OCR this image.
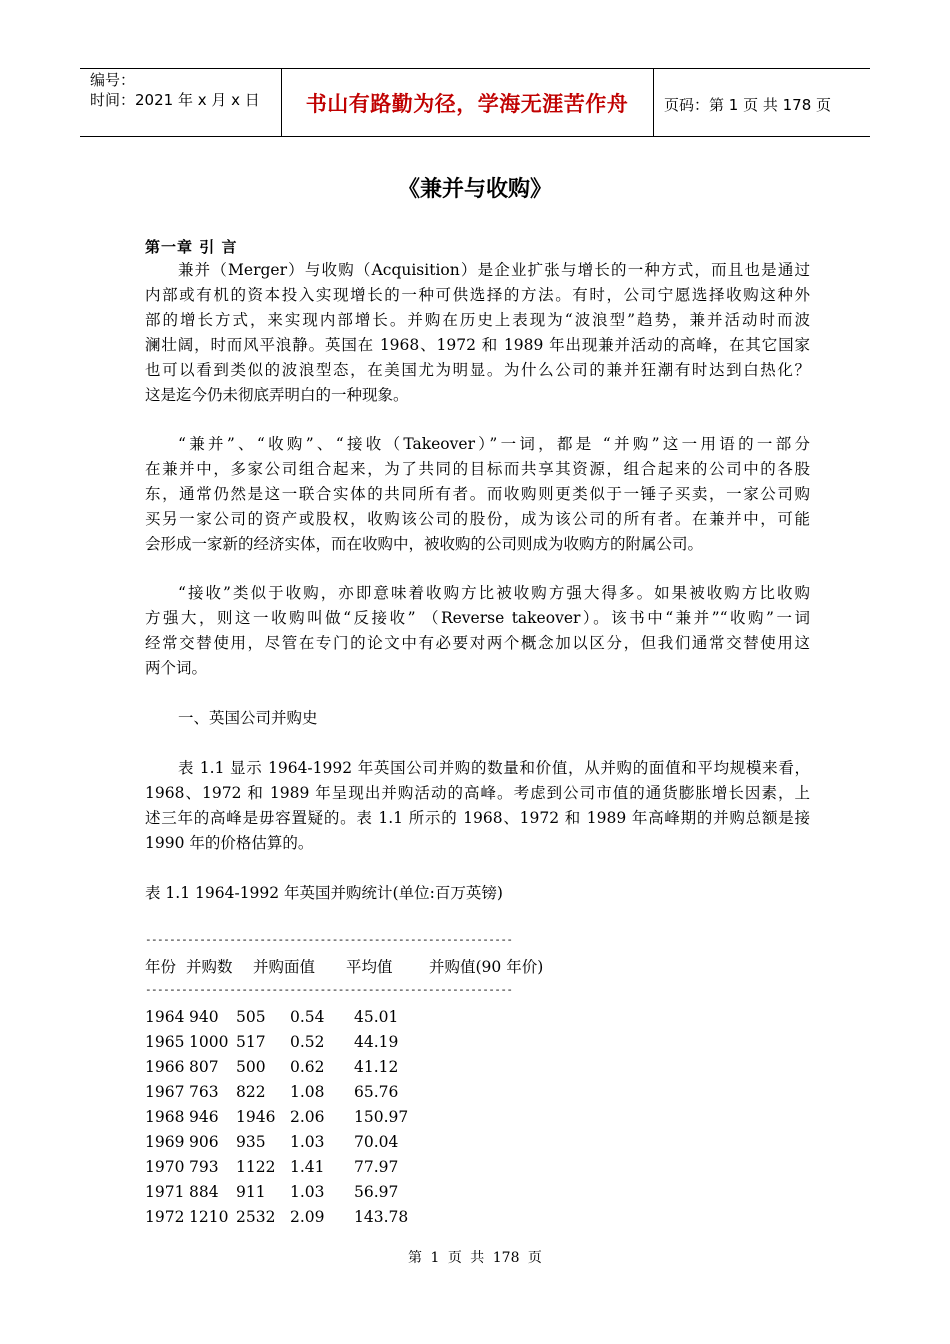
编号：
时间：2021 年 x 月 x 日	书山有路勤为径，学海无涯苦作舟	页码：第 1 页 共 178 页
《兼并与收购》
第一章 引 言
兼并（Merger）与收购（Acquisition）是企业扩张与增长的一种方式，而且也是通过
内部或有机的资本投入实现增长的一种可供选择的方法。有时，公司宁愿选择收购这种外
部的增长方式，来实现内部增长。并购在历史上表现为“波浪型”趋势，兼并活动时而波
澜壮阔，时而风平浪静。英国在 1968、1972 和 1989 年出现兼并活动的高峰，在其它国家
也可以看到类似的波浪型态，在美国尤为明显。为什么公司的兼并狂潮有时达到白热化？
这是迄今仍未彻底弄明白的一种现象。
“兼并”、“收购”、“接收（Takeover）”一词，都是 “并购”这一用语的一部分
在兼并中，多家公司组合起来，为了共同的目标而共享其资源，组合起来的公司中的各股
东，通常仍然是这一联合实体的共同所有者。而收购则更类似于一锤子买卖，一家公司购
买另一家公司的资产或股权，收购该公司的股份，成为该公司的所有者。在兼并中，可能
会形成一家新的经济实体，而在收购中，被收购的公司则成为收购方的附属公司。
“接收”类似于收购，亦即意味着收购方比被收购方强大得多。如果被收购方比收购
方强大，则这一收购叫做“反接收” （Reverse takeover）。该书中“兼并”“收购”一词
经常交替使用，尽管在专门的论文中有必要对两个概念加以区分，但我们通常交替使用这
两个词。
一、英国公司并购史
表 1.1 显示 1964-1992 年英国公司并购的数量和价值，从并购的面值和平均规模来看，
1968、1972 和 1989 年呈现出并购活动的高峰。考虑到公司市值的通货膨胀增长因素，上
述三年的高峰是毋容置疑的。表 1.1 所示的 1968、1972 和 1989 年高峰期的并购总额是接
1990 年的价格估算的。
表 1.1 1964-1992 年英国并购统计(单位:百万英镑)
-------------------------------------------------------------
年份 并购数 并购面值 平均值 并购值(90 年价)
-------------------------------------------------------------
1964 940 505 0.54 45.01
1965 1000 517 0.52 44.19
1966 807 500 0.62 41.12
1967 763 822 1.08 65.76
1968 946 1946 2.06 150.97
1969 906 935 1.03 70.04
1970 793 1122 1.41 77.97
1971 884 911 1.03 56.97
1972 1210 2532 2.09 143.78
第 1 页 共 178 页
